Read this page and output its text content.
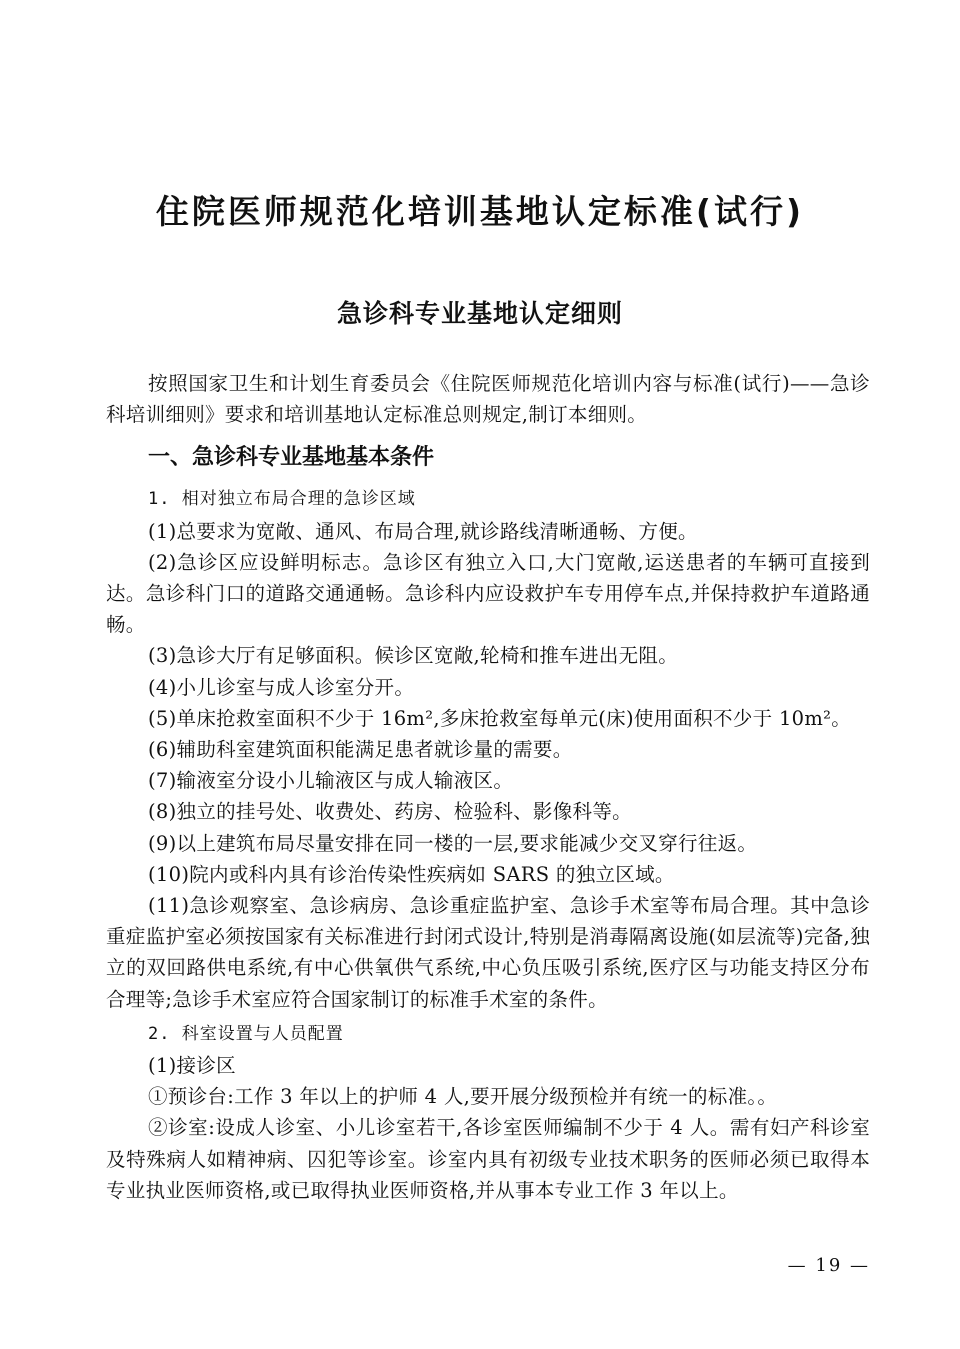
住院医师规范化培训基地认定标准(试行)
急诊科专业基地认定细则

按照国家卫生和计划生育委员会《住院医师规范化培训内容与标准(试行)——急诊科培训细则》要求和培训基地认定标准总则规定,制订本细则。

一、急诊科专业基地基本条件
1. 相对独立布局合理的急诊区域

(1)总要求为宽敞、通风、布局合理,就诊路线清晰通畅、方便。

(2)急诊区应设鲜明标志。急诊区有独立入口,大门宽敞,运送患者的车辆可直接到达。急诊科门口的道路交通通畅。急诊科内应设救护车专用停车点,并保持救护车道路通畅。

(3)急诊大厅有足够面积。候诊区宽敞,轮椅和推车进出无阻。

(4)小儿诊室与成人诊室分开。

(5)单床抢救室面积不少于 16m²,多床抢救室每单元(床)使用面积不少于 10m²。

(6)辅助科室建筑面积能满足患者就诊量的需要。

(7)输液室分设小儿输液区与成人输液区。

(8)独立的挂号处、收费处、药房、检验科、影像科等。

(9)以上建筑布局尽量安排在同一楼的一层,要求能减少交叉穿行往返。

(10)院内或科内具有诊治传染性疾病如 SARS 的独立区域。

(11)急诊观察室、急诊病房、急诊重症监护室、急诊手术室等布局合理。其中急诊重症监护室必须按国家有关标准进行封闭式设计,特别是消毒隔离设施(如层流等)完备,独立的双回路供电系统,有中心供氧供气系统,中心负压吸引系统,医疗区与功能支持区分布合理等;急诊手术室应符合国家制订的标准手术室的条件。

2. 科室设置与人员配置

(1)接诊区

①预诊台:工作 3 年以上的护师 4 人,要开展分级预检并有统一的标准。。

②诊室:设成人诊室、小儿诊室若干,各诊室医师编制不少于 4 人。需有妇产科诊室及特殊病人如精神病、囚犯等诊室。诊室内具有初级专业技术职务的医师必须已取得本专业执业医师资格,或已取得执业医师资格,并从事本专业工作 3 年以上。

— 19 —
